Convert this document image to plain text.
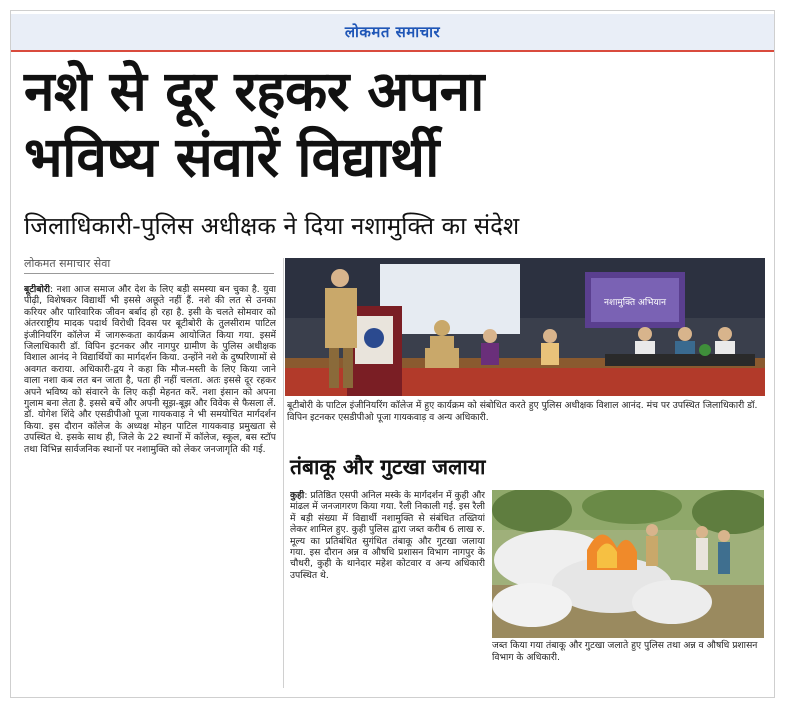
लोकमत समाचार
नशे से दूर रहकर अपना
भविष्य संवारें विद्यार्थी
जिलाधिकारी-पुलिस अधीक्षक ने दिया नशामुक्ति का संदेश
लोकमत समाचार सेवा
बूटीबोरी: नशा आज समाज और देश के लिए बड़ी समस्या बन चुका है. युवा पीढ़ी, विशेषकर विद्यार्थी भी इससे अछूते नहीं हैं. नशे की लत से उनका करियर और पारिवारिक जीवन बर्बाद हो रहा है. इसी के चलते सोमवार को अंतरराष्ट्रीय मादक पदार्थ विरोधी दिवस पर बूटीबोरी के तुलसीराम पाटिल इंजीनियरिंग कॉलेज में जागरूकता कार्यक्रम आयोजित किया गया. इसमें जिलाधिकारी डॉ. विपिन इटनकर और नागपुर ग्रामीण के पुलिस अधीक्षक विशाल आनंद ने विद्यार्थियों का मार्गदर्शन किया. उन्होंने नशे के दुष्परिणामों से अवगत कराया. अधिकारी-द्वय ने कहा कि मौज-मस्ती के लिए किया जाने वाला नशा कब लत बन जाता है, पता ही नहीं चलता. अतः इससे दूर रहकर अपने भविष्य को संवारने के लिए कड़ी मेहनत करें. नशा इंसान को अपना गुलाम बना लेता है. इससे बचें और अपनी सूझ-बूझ और विवेक से फैसला लें. डॉ. योगेश शिंदे और एसडीपीओ पूजा गायकवाड़ ने भी समयोचित मार्गदर्शन किया. इस दौरान कॉलेज के अध्यक्ष मोहन पाटिल गायकवाड़ प्रमुखता से उपस्थित थे. इसके साथ ही, जिले के 22 स्थानों में कॉलेज, स्कूल, बस स्टॉप तथा विभिन्न सार्वजनिक स्थानों पर नशामुक्ति को लेकर जनजागृति की गई.
नशामुक्ति अभियान
बूटीबोरी के पाटिल इंजीनियरिंग कॉलेज में हुए कार्यक्रम को संबोधित करते हुए पुलिस अधीक्षक विशाल आनंद. मंच पर उपस्थित जिलाधिकारी डॉ. विपिन इटनकर एसडीपीओ पूजा गायकवाड़ व अन्य अधिकारी.
तंबाकू और गुटखा जलाया
कुही: प्रतिष्ठित एसपी अनिल मस्के के मार्गदर्शन में कुही और मांढल में जनजागरण किया गया. रैली निकाली गई. इस रैली में बड़ी संख्या में विद्यार्थी नशामुक्ति से संबंधित तख्तियां लेकर शामिल हुए. कुही पुलिस द्वारा जब्त करीब 6 लाख रु. मूल्य का प्रतिबंधित सुगंधित तंबाकू और गुटखा जलाया गया. इस दौरान अन्न व औषधि प्रशासन विभाग नागपुर के चौधरी, कुही के थानेदार महेश कोटवार व अन्य अधिकारी उपस्थित थे.
जब्त किया गया तंबाकू और गुटखा जलाते हुए पुलिस तथा अन्न व औषधि प्रशासन विभाग के अधिकारी.
